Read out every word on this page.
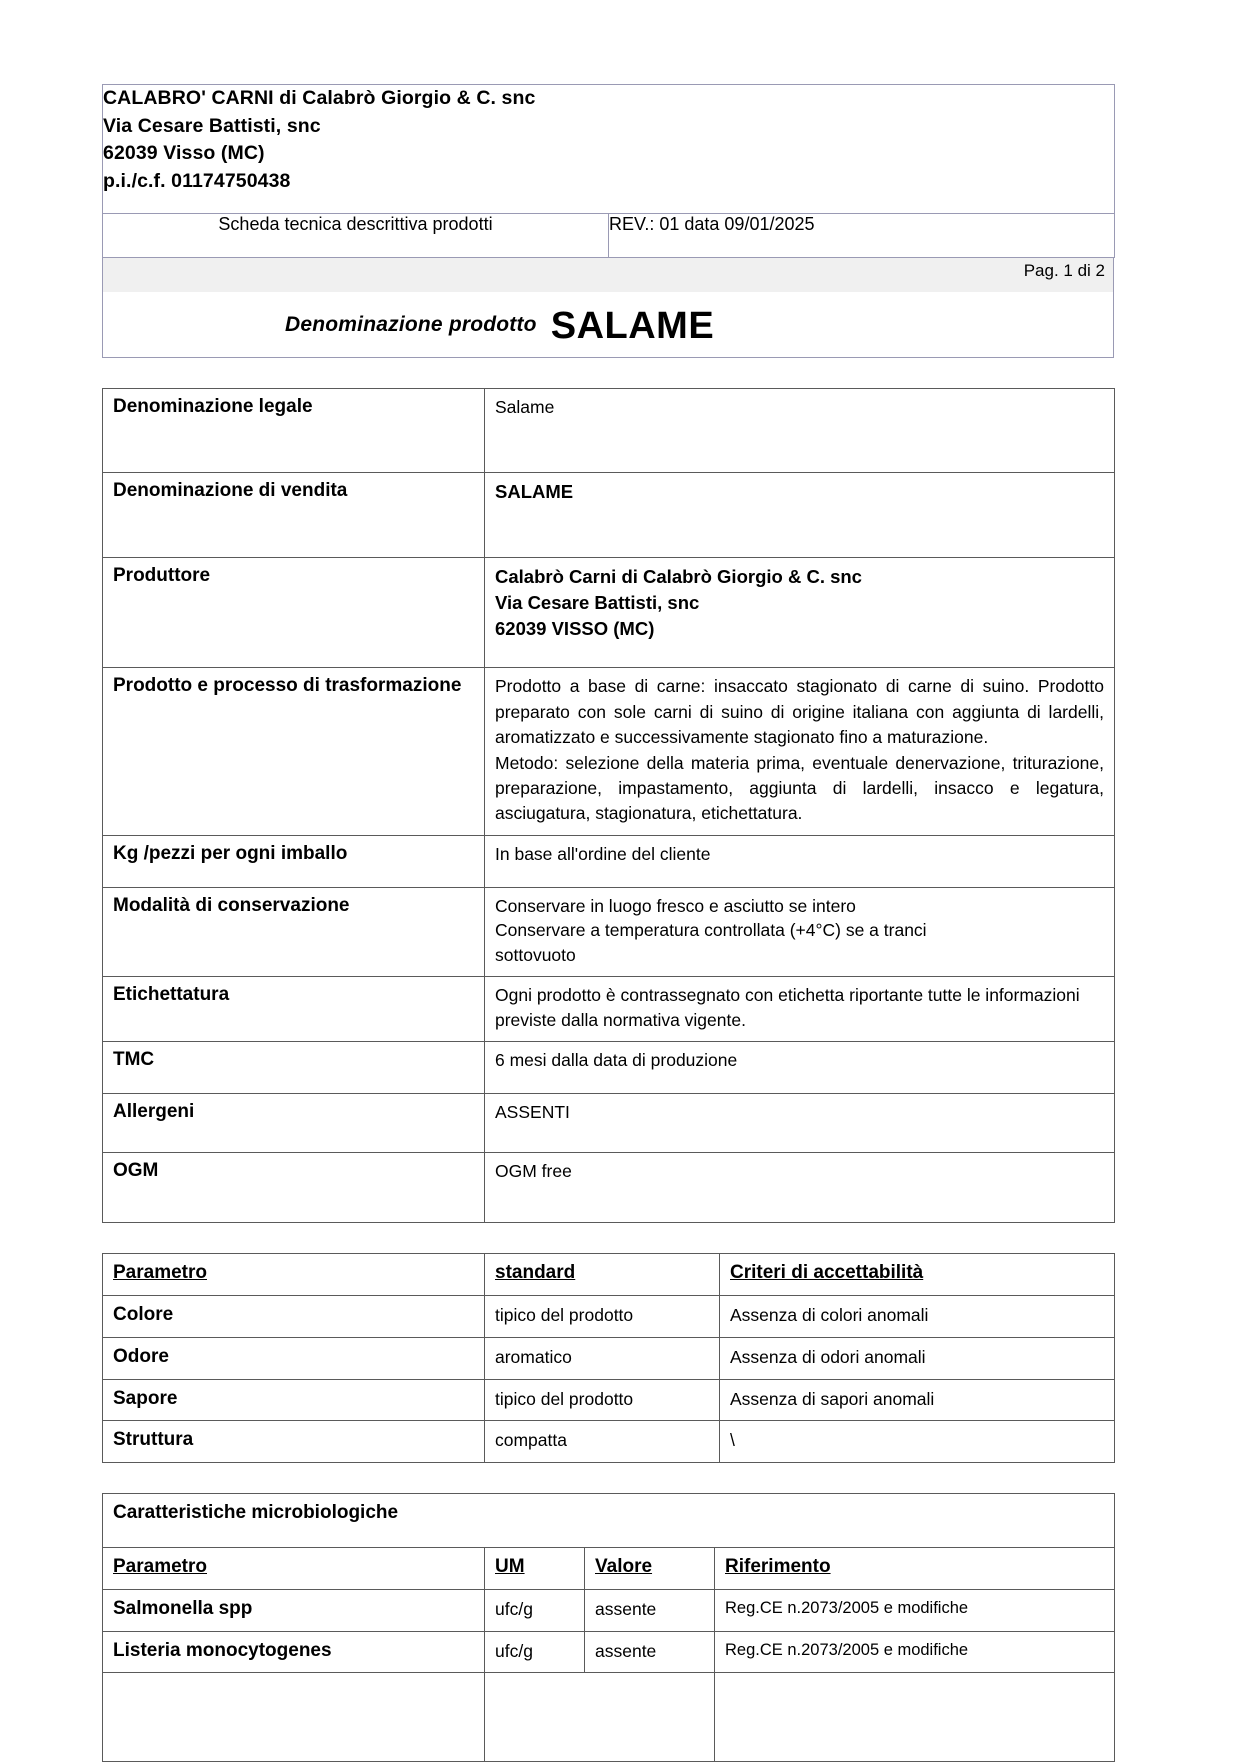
CALABRO' CARNI di Calabrò Giorgio & C. snc
Via Cesare Battisti, snc
62039 Visso (MC)
p.i./c.f. 01174750438

Scheda tecnica descrittiva prodotti	REV.: 01 data 09/01/2025
Pag. 1 di 2
Denominazione prodotto SALAME
Denominazione legale	Salame

Denominazione di vendita	SALAME

Produttore	Calabrò Carni di Calabrò Giorgio & C. snc
Via Cesare Battisti, snc
62039 VISSO (MC)

Prodotto e processo di trasformazione	Prodotto a base di carne: insaccato stagionato di carne di suino. Prodotto preparato con sole carni di suino di origine italiana con aggiunta di lardelli, aromatizzato e successivamente stagionato fino a maturazione.
Metodo: selezione della materia prima, eventuale denervazione, triturazione, preparazione, impastamento, aggiunta di lardelli, insacco e legatura, asciugatura, stagionatura, etichettatura.

Kg /pezzi per ogni imballo	In base all'ordine del cliente

Modalità di conservazione	Conservare in luogo fresco e asciutto se intero
Conservare a temperatura controllata (+4°C) se a tranci
sottovuoto

Etichettatura	Ogni prodotto è contrassegnato con etichetta riportante tutte le informazioni previste dalla normativa vigente.

TMC	6 mesi dalla data di produzione

Allergeni	ASSENTI

OGM	OGM free
Parametro	standard	Criteri di accettabilità
Colore	tipico del prodotto	Assenza di colori anomali
Odore	aromatico	Assenza di odori anomali
Sapore	tipico del prodotto	Assenza di sapori anomali
Struttura	compatta	\
Caratteristiche microbiologiche			

Parametro	UM	Valore	Riferimento
Salmonella spp	ufc/g	assente	Reg.CE n.2073/2005 e modifiche
Listeria monocytogenes	ufc/g	assente	Reg.CE n.2073/2005 e modifiche
